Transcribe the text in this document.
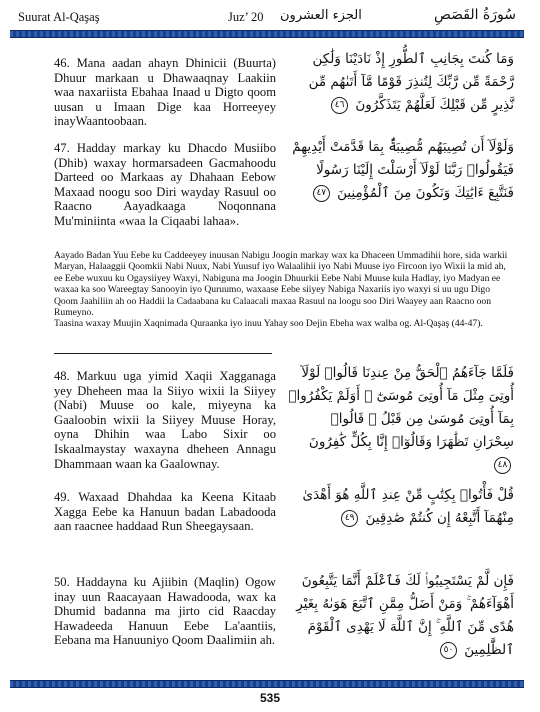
Suurat Al-Qaşaş	Juz’ 20 الجزء العشرون	سُورَةُ القَصَصِ
46. Mana aadan ahayn Dhinicii (Buurta) Dhuur markaan u Dhawaaqnay Laakiin waa naxariista Ebahaa Inaad u Digto qoom uusan u Imaan Dige kaa Horreeyey inayWaantoobaan.
وَمَا كُنتَ بِجَانِبِ ٱلطُّورِ إِذْ نَادَيْنَا وَلَٰكِن رَّحْمَةً مِّن رَّبِّكَ لِتُنذِرَ قَوْمًا مَّآ أَتَىٰهُم مِّن نَّذِيرٍ مِّن قَبْلِكَ لَعَلَّهُمْ يَتَذَكَّرُونَ ٤٦
47. Hadday markay ku Dhacdo Musiibo (Dhib) waxay hormarsadeen Gacmahoodu Darteed oo Markaas ay Dhahaan Eebow Maxaad noogu soo Diri wayday Rasuul oo Raacno Aayadkaaga Noqonnana Mu'miniinta «waa la Ciqaabi lahaa».
وَلَوْلَآ أَن تُصِيبَهُم مُّصِيبَةٌۢ بِمَا قَدَّمَتْ أَيْدِيهِمْ فَيَقُولُوا۟ رَبَّنَا لَوْلَآ أَرْسَلْتَ إِلَيْنَا رَسُولًا فَنَتَّبِعَ ءَايَٰتِكَ وَنَكُونَ مِنَ ٱلْمُؤْمِنِينَ ٤٧

Aayado Badan Yuu Eebe ku Caddeeyey inuusan Nabigu Joogin markay wax ka Dhaceen Ummadihii hore, sida warkii Maryan, Halaaggii Qoomkii Nabi Nuux, Nabi Yuusuf iyo Walaalihii iyo Nabi Muuse iyo Fircoon iyo Wixii la mid ah, ee Eebe wuxuu ku Ogaysiiyey Waxyi, Nabiguna ma Joogin Dhuurkii Eebe Nabi Muuse kula Hadlay, iyo Madyan ee waxaa ka soo Wareegtay Sanooyin iyo Quruumo, waxaase Eebe siiyey Nabiga Naxariis iyo waxyi si uu ugu Digo Qoom Jaahiliin ah oo Haddii la Cadaabana ku Calaacali maxaa Rasuul na loogu soo Diri Waayey aan Raacno oon Rumeyno.

Taasina waxay Muujin Xaqnimada Quraanka iyo inuu Yahay soo Dejin Ebeha wax walba og. Al-Qaşaş (44-47).

48. Markuu uga yimid Xaqii Xagganaga yey Dheheen maa la Siiyo wixii la Siiyey (Nabi) Muuse oo kale, miyeyna ka Gaaloobin wixii la Siiyey Muuse Horay, oyna Dhihin waa Labo Sixir oo Iskaalmaystay waxayna dheheen Annagu Dhammaan waan ka Gaalownay.
فَلَمَّا جَآءَهُمُ ٱلْحَقُّ مِنْ عِندِنَا قَالُوا۟ لَوْلَآ أُوتِىَ مِثْلَ مَآ أُوتِىَ مُوسَىٰٓ ۚ أَوَلَمْ يَكْفُرُوا۟ بِمَآ أُوتِىَ مُوسَىٰ مِن قَبْلُ ۖ قَالُوا۟ سِحْرَانِ تَظَٰهَرَا وَقَالُوٓا۟ إِنَّا بِكُلٍّ كَٰفِرُونَ ٤٨
49. Waxaad Dhahdaa ka Keena Kitaab Xagga Eebe ka Hanuun badan Labadooda aan raacnee haddaad Run Sheegaysaan.
قُلْ فَأْتُوا۟ بِكِتَٰبٍ مِّنْ عِندِ ٱللَّهِ هُوَ أَهْدَىٰ مِنْهُمَآ أَتَّبِعْهُ إِن كُنتُمْ صَٰدِقِينَ ٤٩
50. Haddayna ku Ajiibin (Maqlin) Ogow inay uun Raacayaan Hawadooda, wax ka Dhumid badanna ma jirto cid Raacday Hawadeeda Hanuun Eebe La'aantiis, Eebana ma Hanuuniyo Qoom Daalimiin ah.
فَإِن لَّمْ يَسْتَجِيبُوا۟ لَكَ فَٱعْلَمْ أَنَّمَا يَتَّبِعُونَ أَهْوَآءَهُمْ ۚ وَمَنْ أَضَلُّ مِمَّنِ ٱتَّبَعَ هَوَىٰهُ بِغَيْرِ هُدًى مِّنَ ٱللَّهِ ۚ إِنَّ ٱللَّهَ لَا يَهْدِى ٱلْقَوْمَ ٱلظَّٰلِمِينَ ٥٠
535
